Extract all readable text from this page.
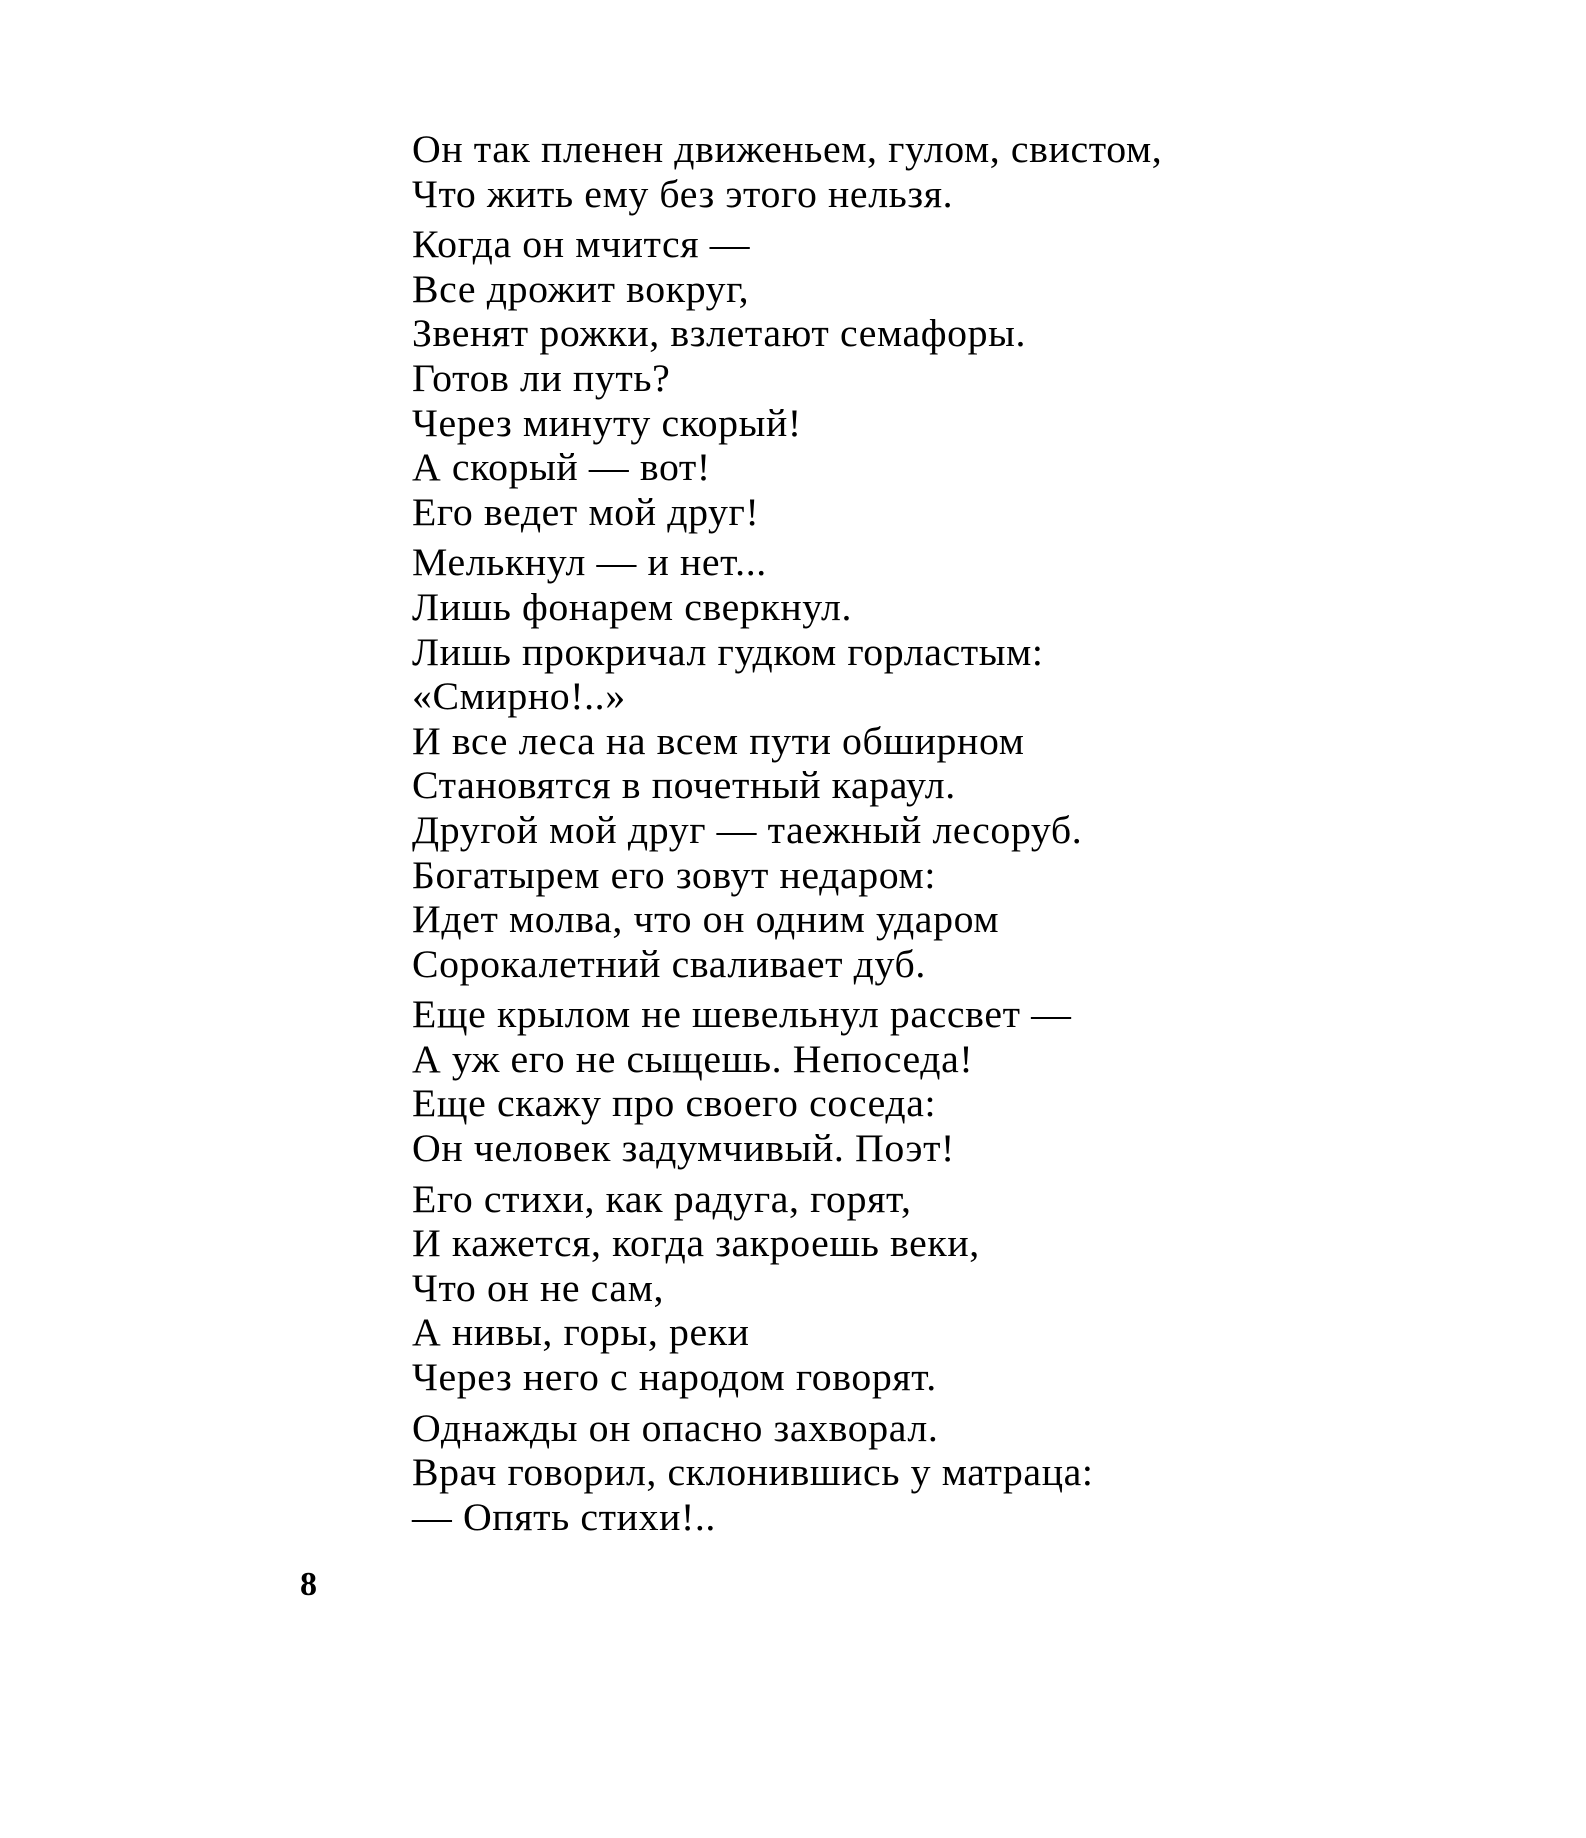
Он так пленен движеньем, гулом, свистом,
Что жить ему без этого нельзя.
Когда он мчится —
Все дрожит вокруг,
Звенят рожки, взлетают семафоры.
Готов ли путь?
Через минуту скорый!
А скорый — вот!
Его ведет мой друг!
Мелькнул — и нет...
Лишь фонарем сверкнул.
Лишь прокричал гудком горластым:
«Смирно!..»
И все леса на всем пути обширном
Становятся в почетный караул.
Другой мой друг — таежный лесоруб.
Богатырем его зовут недаром:
Идет молва, что он одним ударом
Сорокалетний сваливает дуб.
Еще крылом не шевельнул рассвет —
А уж его не сыщешь. Непоседа!
Еще скажу про своего соседа:
Он человек задумчивый. Поэт!
Его стихи, как радуга, горят,
И кажется, когда закроешь веки,
Что он не сам,
А нивы, горы, реки
Через него с народом говорят.
Однажды он опасно захворал.
Врач говорил, склонившись у матраца:
— Опять стихи!..
8
